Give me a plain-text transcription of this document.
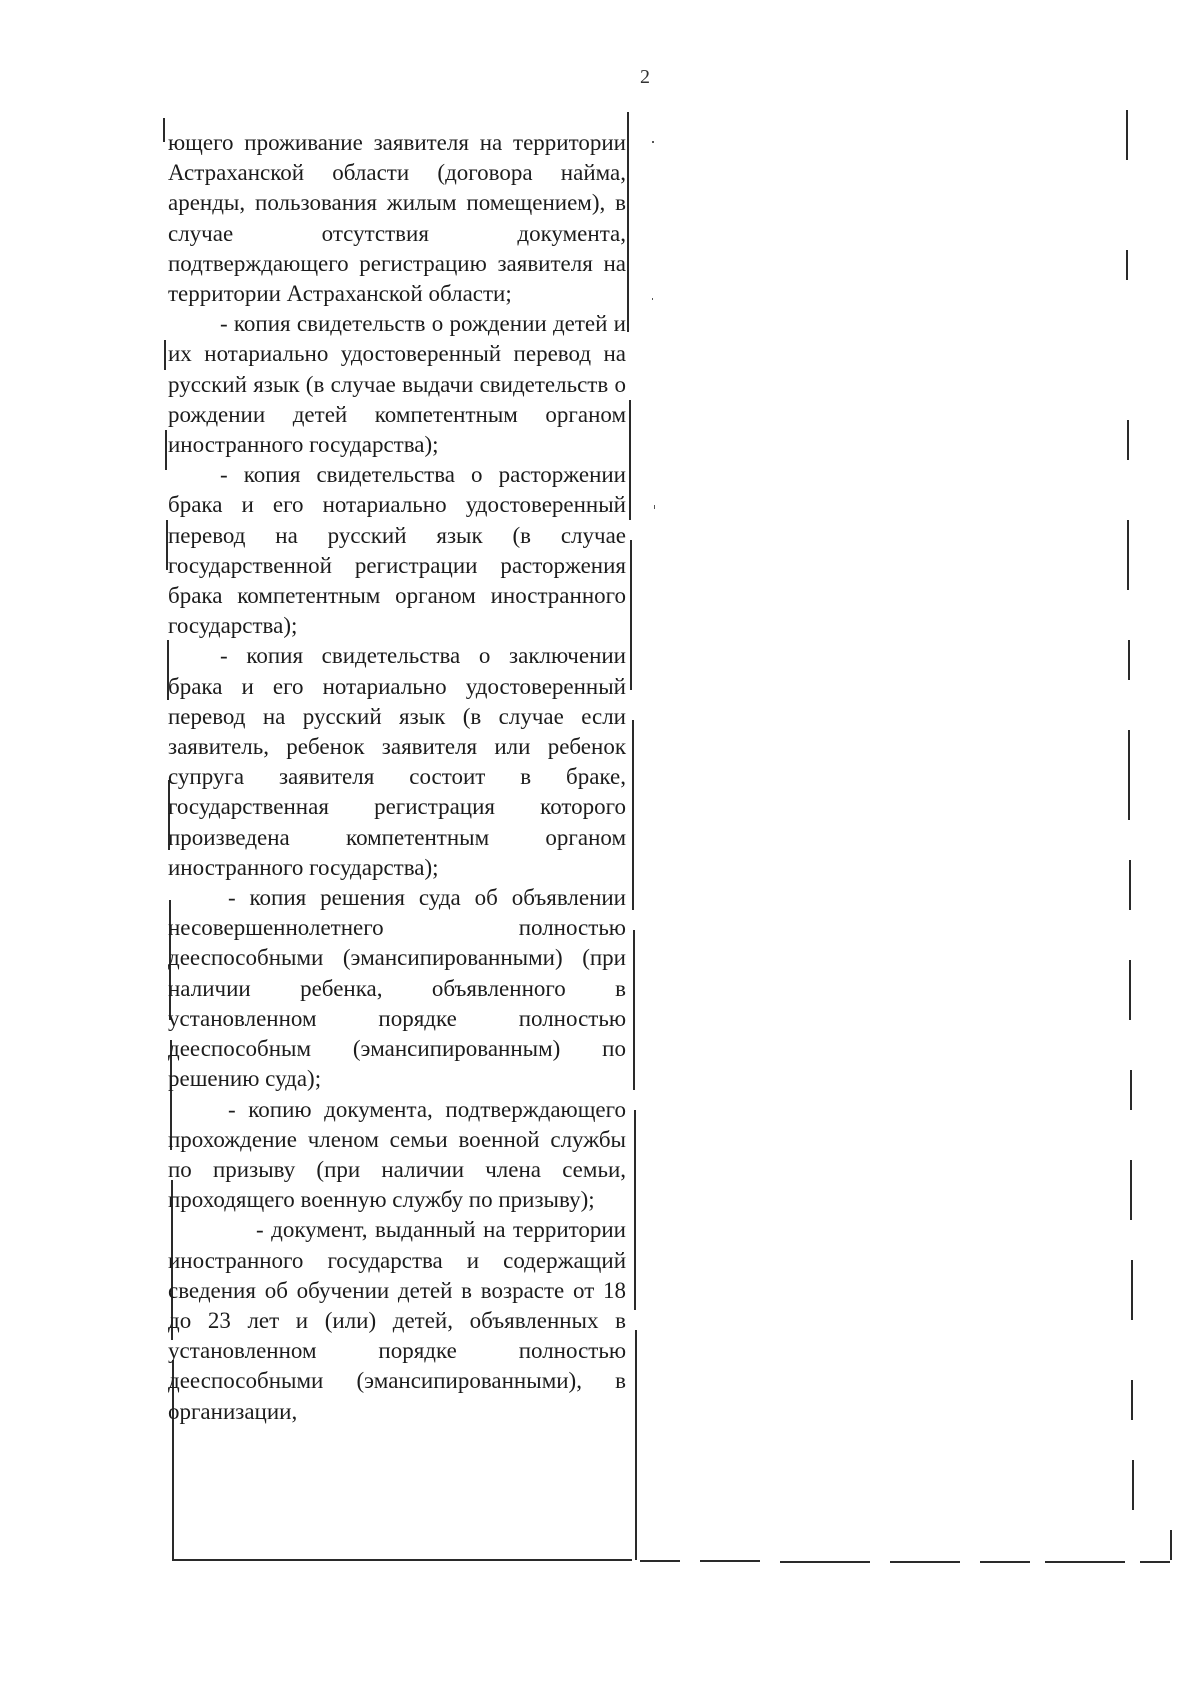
2

ющего проживание заявителя на территории Астраханской области (договора найма, аренды, пользования жилым помещением), в случае отсутствия документа, подтверждающего регистрацию заявителя на территории Астраханской области;

- копия свидетельств о рождении детей и их нотариально удостоверенный перевод на русский язык (в случае выдачи свидетельств о рождении детей компетентным органом иностранного государства);

- копия свидетельства о расторжении брака и его нотариально удостоверенный перевод на русский язык (в случае государственной регистрации расторжения брака компетентным органом иностранного государства);

- копия свидетельства о заключении брака и его нотариально удостоверенный перевод на русский язык (в случае если заявитель, ребенок заявителя или ребенок супруга заявителя состоит в браке, государственная регистрация которого произведена компетентным органом иностранного государства);

- копия решения суда об объявлении несовершеннолетнего полностью дееспособными (эмансипированными) (при наличии ребенка, объявленного в установленном порядке полностью дееспособным (эмансипированным) по решению суда);

- копию документа, подтверждающего прохождение членом семьи военной службы по призыву (при наличии члена семьи, проходящего военную службу по призыву);

- документ, выданный на территории иностранного государства и содержащий сведения об обучении детей в возрасте от 18 до 23 лет и (или) детей, объявленных в установленном порядке полностью дееспособными (эмансипированными), в организации,
